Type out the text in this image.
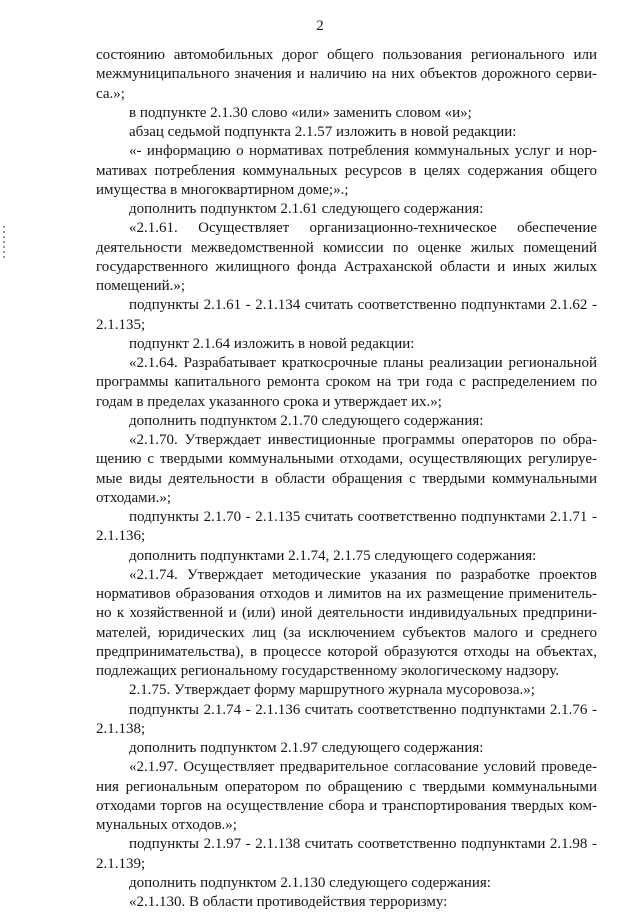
2
состоянию автомобильных дорог общего пользования регионального или
межмуниципального значения и наличию на них объектов дорожного серви-
са.»;
в подпункте 2.1.30 слово «или» заменить словом «и»;
абзац седьмой подпункта 2.1.57 изложить в новой редакции:
«- информацию о нормативах потребления коммунальных услуг и нор-
мативах потребления коммунальных ресурсов в целях содержания общего
имущества в многоквартирном доме;».;
дополнить подпунктом 2.1.61 следующего содержания:
«2.1.61. Осуществляет организационно-техническое обеспечение
деятельности межведомственной комиссии по оценке жилых помещений
государственного жилищного фонда Астраханской области и иных жилых
помещений.»;
подпункты 2.1.61 - 2.1.134 считать соответственно подпунктами 2.1.62 -
2.1.135;
подпункт 2.1.64 изложить в новой редакции:
«2.1.64. Разрабатывает краткосрочные планы реализации региональной
программы капитального ремонта сроком на три года с распределением по
годам в пределах указанного срока и утверждает их.»;
дополнить подпунктом 2.1.70 следующего содержания:
«2.1.70. Утверждает инвестиционные программы операторов по обра-
щению с твердыми коммунальными отходами, осуществляющих регулируе-
мые виды деятельности в области обращения с твердыми коммунальными
отходами.»;
подпункты 2.1.70 - 2.1.135 считать соответственно подпунктами 2.1.71 -
2.1.136;
дополнить подпунктами 2.1.74, 2.1.75 следующего содержания:
«2.1.74. Утверждает методические указания по разработке проектов
нормативов образования отходов и лимитов на их размещение применитель-
но к хозяйственной и (или) иной деятельности индивидуальных предприни-
мателей, юридических лиц (за исключением субъектов малого и среднего
предпринимательства), в процессе которой образуются отходы на объектах,
подлежащих региональному государственному экологическому надзору.
2.1.75. Утверждает форму маршрутного журнала мусоровоза.»;
подпункты 2.1.74 - 2.1.136 считать соответственно подпунктами 2.1.76 -
2.1.138;
дополнить подпунктом 2.1.97 следующего содержания:
«2.1.97. Осуществляет предварительное согласование условий проведе-
ния региональным оператором по обращению с твердыми коммунальными
отходами торгов на осуществление сбора и транспортирования твердых ком-
мунальных отходов.»;
подпункты 2.1.97 - 2.1.138 считать соответственно подпунктами 2.1.98 -
2.1.139;
дополнить подпунктом 2.1.130 следующего содержания:
«2.1.130. В области противодействия терроризму:
